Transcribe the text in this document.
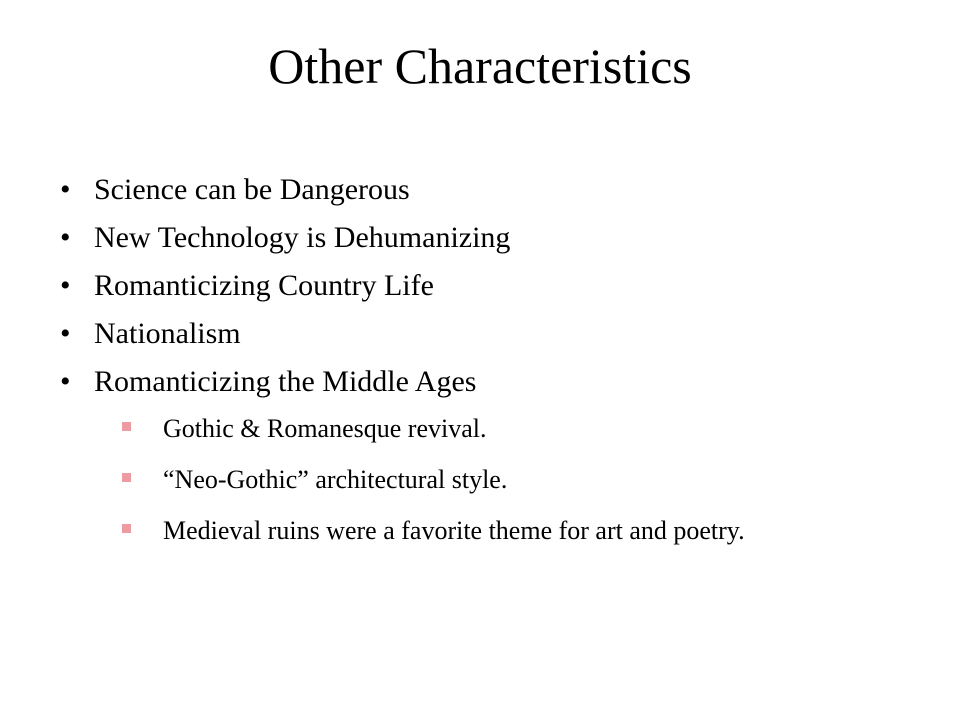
Other Characteristics
• Science can be Dangerous
• New Technology is Dehumanizing
• Romanticizing Country Life
• Nationalism
• Romanticizing the Middle Ages
Gothic & Romanesque revival.
“Neo-Gothic” architectural style.
Medieval ruins were a favorite theme for art and poetry.
